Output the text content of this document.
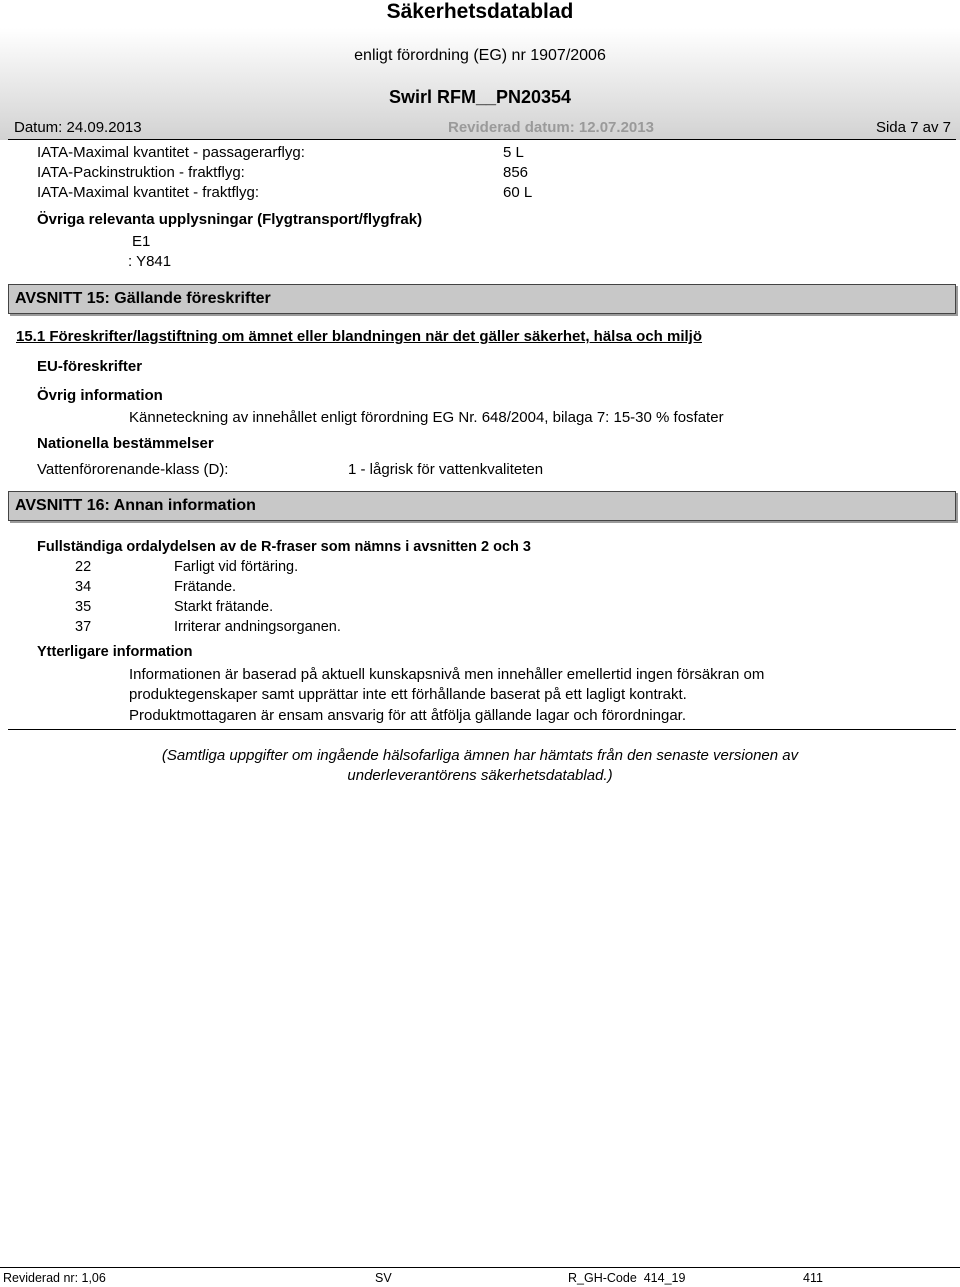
Säkerhetsdatablad
enligt förordning (EG) nr 1907/2006
Swirl RFM__PN20354
Datum: 24.09.2013	Reviderad datum: 12.07.2013	Sida 7 av 7
IATA-Maximal kvantitet - passagerarflyg:	5 L
IATA-Packinstruktion - fraktflyg:	856
IATA-Maximal kvantitet - fraktflyg:	60 L
Övriga relevanta upplysningar (Flygtransport/flygfrak)
E1
: Y841
AVSNITT 15: Gällande föreskrifter
15.1 Föreskrifter/lagstiftning om ämnet eller blandningen när det gäller säkerhet, hälsa och miljö
EU-föreskrifter
Övrig information
Känneteckning av innehållet enligt förordning EG Nr. 648/2004, bilaga 7: 15-30 % fosfater
Nationella bestämmelser
Vattenförorenande-klass (D):	1 - lågrisk för vattenkvaliteten
AVSNITT 16: Annan information
Fullständiga ordalydelsen av de R-fraser som nämns i avsnitten 2 och 3
22	Farligt vid förtäring.
34	Frätande.
35	Starkt frätande.
37	Irriterar andningsorganen.
Ytterligare information
Informationen är baserad på aktuell kunskapsnivå men innehåller emellertid ingen försäkran om
produktegenskaper samt upprättar inte ett förhållande baserat på ett lagligt kontrakt.
Produktmottagaren är ensam ansvarig för att åtfölja gällande lagar och förordningar.
(Samtliga uppgifter om ingående hälsofarliga ämnen har hämtats från den senaste versionen av
underleverantörens säkerhetsdatablad.)
Reviderad nr: 1,06	SV	R_GH-Code  414_19	411
